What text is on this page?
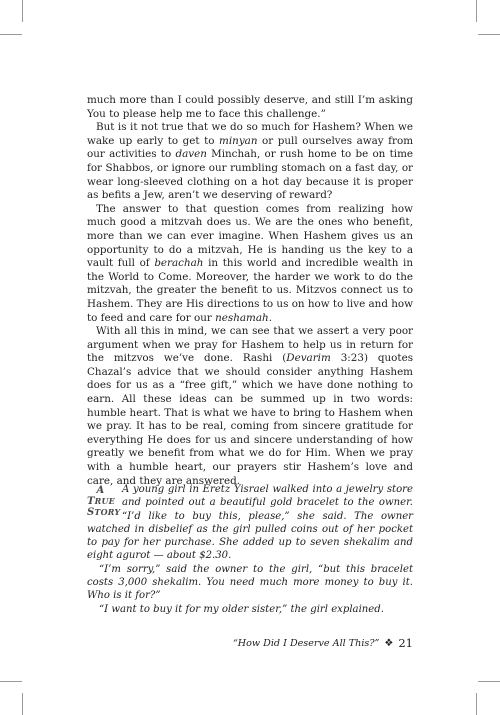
much more than I could possibly deserve, and still I’m asking You to please help me to face this challenge.”

But is it not true that we do so much for Hashem? When we wake up early to get to minyan or pull ourselves away from our activities to daven Minchah, or rush home to be on time for Shabbos, or ignore our rumbling stomach on a fast day, or wear long-sleeved clothing on a hot day because it is proper as befits a Jew, aren’t we deserving of reward?

The answer to that question comes from realizing how much good a mitzvah does us. We are the ones who benefit, more than we can ever imagine. When Hashem gives us an opportunity to do a mitzvah, He is handing us the key to a vault full of berachah in this world and incredible wealth in the World to Come. Moreover, the harder we work to do the mitzvah, the greater the benefit to us. Mitzvos connect us to Hashem. They are His directions to us on how to live and how to feed and care for our neshamah.

With all this in mind, we can see that we assert a very poor argument when we pray for Hashem to help us in return for the mitzvos we’ve done. Rashi (Devarim 3:23) quotes Chazal’s advice that we should consider anything Hashem does for us as a “free gift,” which we have done nothing to earn. All these ideas can be summed up in two words: humble heart. That is what we have to bring to Hashem when we pray. It has to be real, coming from sincere gratitude for everything He does for us and sincere understanding of how greatly we benefit from what we do for Him. When we pray with a humble heart, our prayers stir Hashem’s love and care, and they are answered.

A
TRUE
STORY

A young girl in Eretz Yisrael walked into a jewelry store and pointed out a beautiful gold bracelet to the owner. “I’d like to buy this, please,” she said. The owner watched in disbelief as the girl pulled coins out of her pocket to pay for her purchase. She added up to seven shekalim and eight agurot — about $2.30.

“I’m sorry,” said the owner to the girl, “but this bracelet costs 3,000 shekalim. You need much more money to buy it. Who is it for?”

“I want to buy it for my older sister,” the girl explained.

“How Did I Deserve All This?” ❖ 21
